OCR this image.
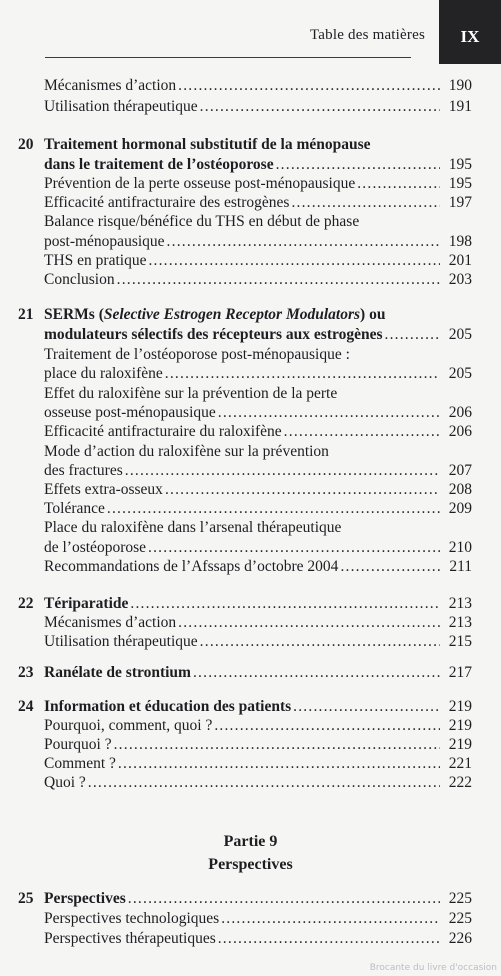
Table des matières IX
Mécanismes d’action .....	190
Utilisation thérapeutique .....	191
20 Traitement hormonal substitutif de la ménopause
dans le traitement de l’ostéoporose .....	195
Prévention de la perte osseuse post-ménopausique .....	195
Efficacité antifracturaire des estrogènes .....	197
Balance risque/bénéfice du THS en début de phase
post-ménopausique .....	198
THS en pratique .....	201
Conclusion .....	203
21 SERMs (Selective Estrogen Receptor Modulators) ou
modulateurs sélectifs des récepteurs aux estrogènes .....	205
Traitement de l’ostéoporose post-ménopausique :
place du raloxifène .....	205
Effet du raloxifène sur la prévention de la perte
osseuse post-ménopausique .....	206
Efficacité antifracturaire du raloxifène .....	206
Mode d’action du raloxifène sur la prévention
des fractures .....	207
Effets extra-osseux .....	208
Tolérance .....	209
Place du raloxifène dans l’arsenal thérapeutique
de l’ostéoporose .....	210
Recommandations de l’Afssaps d’octobre 2004 .....	211
22 Tériparatide .....	213
Mécanismes d’action .....	213
Utilisation thérapeutique .....	215
23 Ranélate de strontium .....	217
24 Information et éducation des patients .....	219
Pourquoi, comment, quoi ? .....	219
Pourquoi ? .....	219
Comment ? .....	221
Quoi ? .....	222
25 Perspectives .....	225
Perspectives technologiques .....	225
Perspectives thérapeutiques .....	226
Partie 9
Perspectives
Brocante du livre d'occasion
